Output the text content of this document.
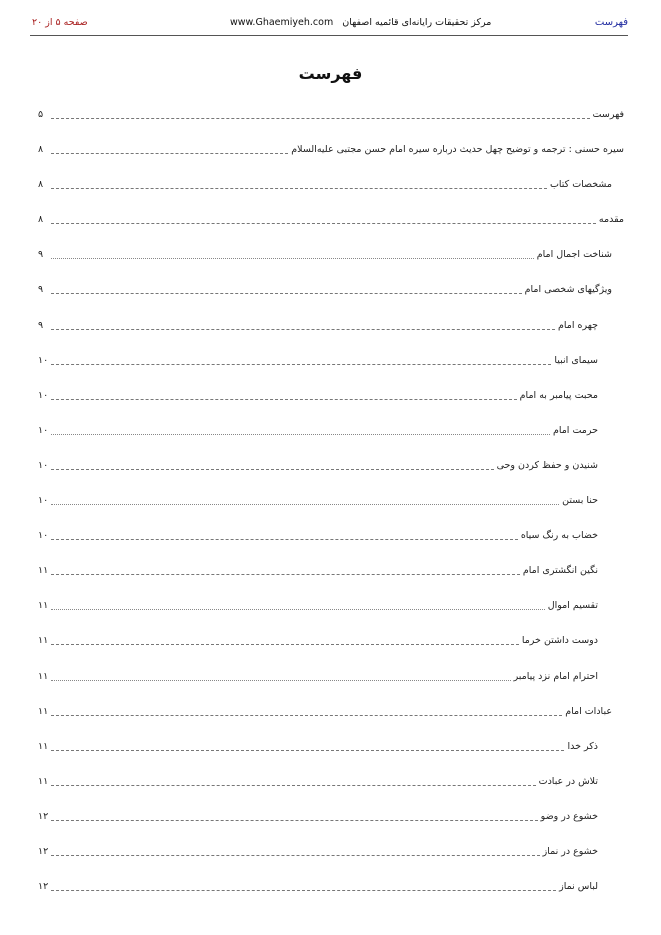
فهرست
www.Ghaemiyeh.com مرکز تحقیقات رایانه‌ای قائمیه اصفهان
صفحه ۵ از ۲۰
فهرست
فهرست
۵
سیره حسنی : ترجمه و توضیح چهل حدیث درباره سیره امام حسن مجتبی علیه‌السلام
۸
مشخصات کتاب
۸
مقدمه
۸
شناخت اجمال امام
۹
ویژگیهای شخصی امام
۹
چهره امام
۹
سیمای انبیا
۱۰
محبت پیامبر به امام
۱۰
حرمت امام
۱۰
شنیدن و حفظ کردن وحی
۱۰
حنا بستن
۱۰
خضاب به رنگ سیاه
۱۰
نگین انگشتری امام
۱۱
تقسیم اموال
۱۱
دوست داشتن خرما
۱۱
احترام امام نزد پیامبر
۱۱
عبادات امام
۱۱
ذکر خدا
۱۱
تلاش در عبادت
۱۱
خشوع در وضو
۱۲
خشوع در نماز
۱۲
لباس نماز
۱۲
